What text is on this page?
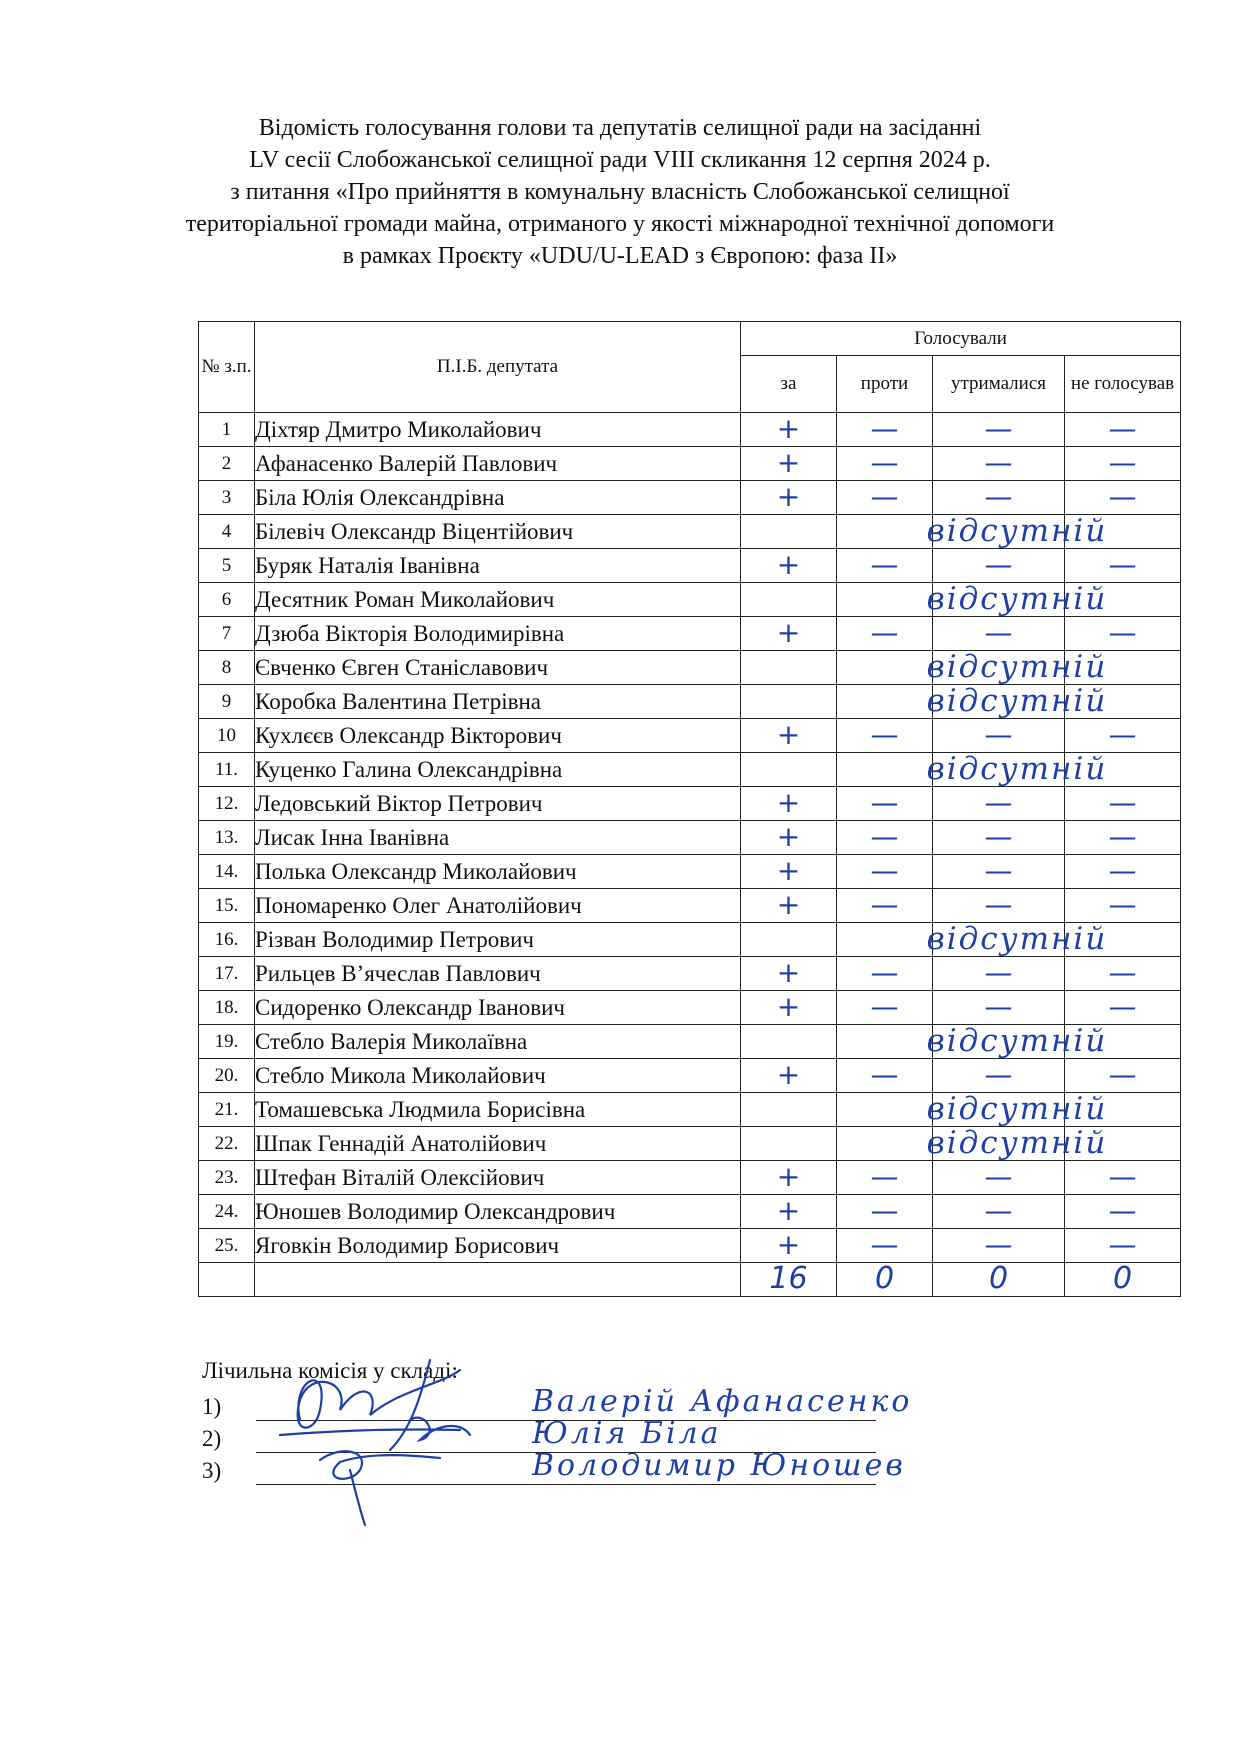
Відомість голосування голови та депутатів селищної ради на засіданні
LV сесії Слобожанської селищної ради VIII скликання 12 серпня 2024 р.
з питання «Про прийняття в комунальну власність Слобожанської селищної
територіальної громади майна, отриманого у якості міжнародної технічної допомоги
в рамках Проєкту «UDU/U-LEAD з Європою: фаза ІІ»
№ з.п.	П.І.Б. депутата	Голосували			
		за	проти	утрималися	не голосував
1	Діхтяр Дмитро Миколайович	+	—	—	—
2	Афанасенко Валерій Павлович	+	—	—	—
3	Біла Юлія Олександрівна	+	—	—	—
4	Білевіч Олександр Віцентійович		відсутній		

5	Буряк Наталія Іванівна	+	—	—	—
6	Десятник Роман Миколайович		відсутній		

7	Дзюба Вікторія Володимирівна	+	—	—	—
8	Євченко Євген Станіславович		відсутній		

9	Коробка Валентина Петрівна		відсутній		

10	Кухлєєв Олександр Вікторович	+	—	—	—
11.	Куценко Галина Олександрівна		відсутній		

12.	Ледовський Віктор Петрович	+	—	—	—
13.	Лисак Інна Іванівна	+	—	—	—
14.	Полька Олександр Миколайович	+	—	—	—
15.	Пономаренко Олег Анатолійович	+	—	—	—
16.	Різван Володимир Петрович		відсутній		

17.	Рильцев В’ячеслав Павлович	+	—	—	—
18.	Сидоренко Олександр Іванович	+	—	—	—
19.	Стебло Валерія Миколаївна		відсутній		

20.	Стебло Микола Миколайович	+	—	—	—
21.	Томашевська Людмила Борисівна		відсутній		

22.	Шпак Геннадій Анатолійович		відсутній		

23.	Штефан Віталій Олексійович	+	—	—	—
24.	Юношев Володимир Олександрович	+	—	—	—
25.	Яговкін Володимир Борисович	+	—	—	—
		16	0	0	0
Лічильна комісія у складі:
1)	Валерій Афанасенко
2)	Юлія Біла
3)	Володимир Юношев
